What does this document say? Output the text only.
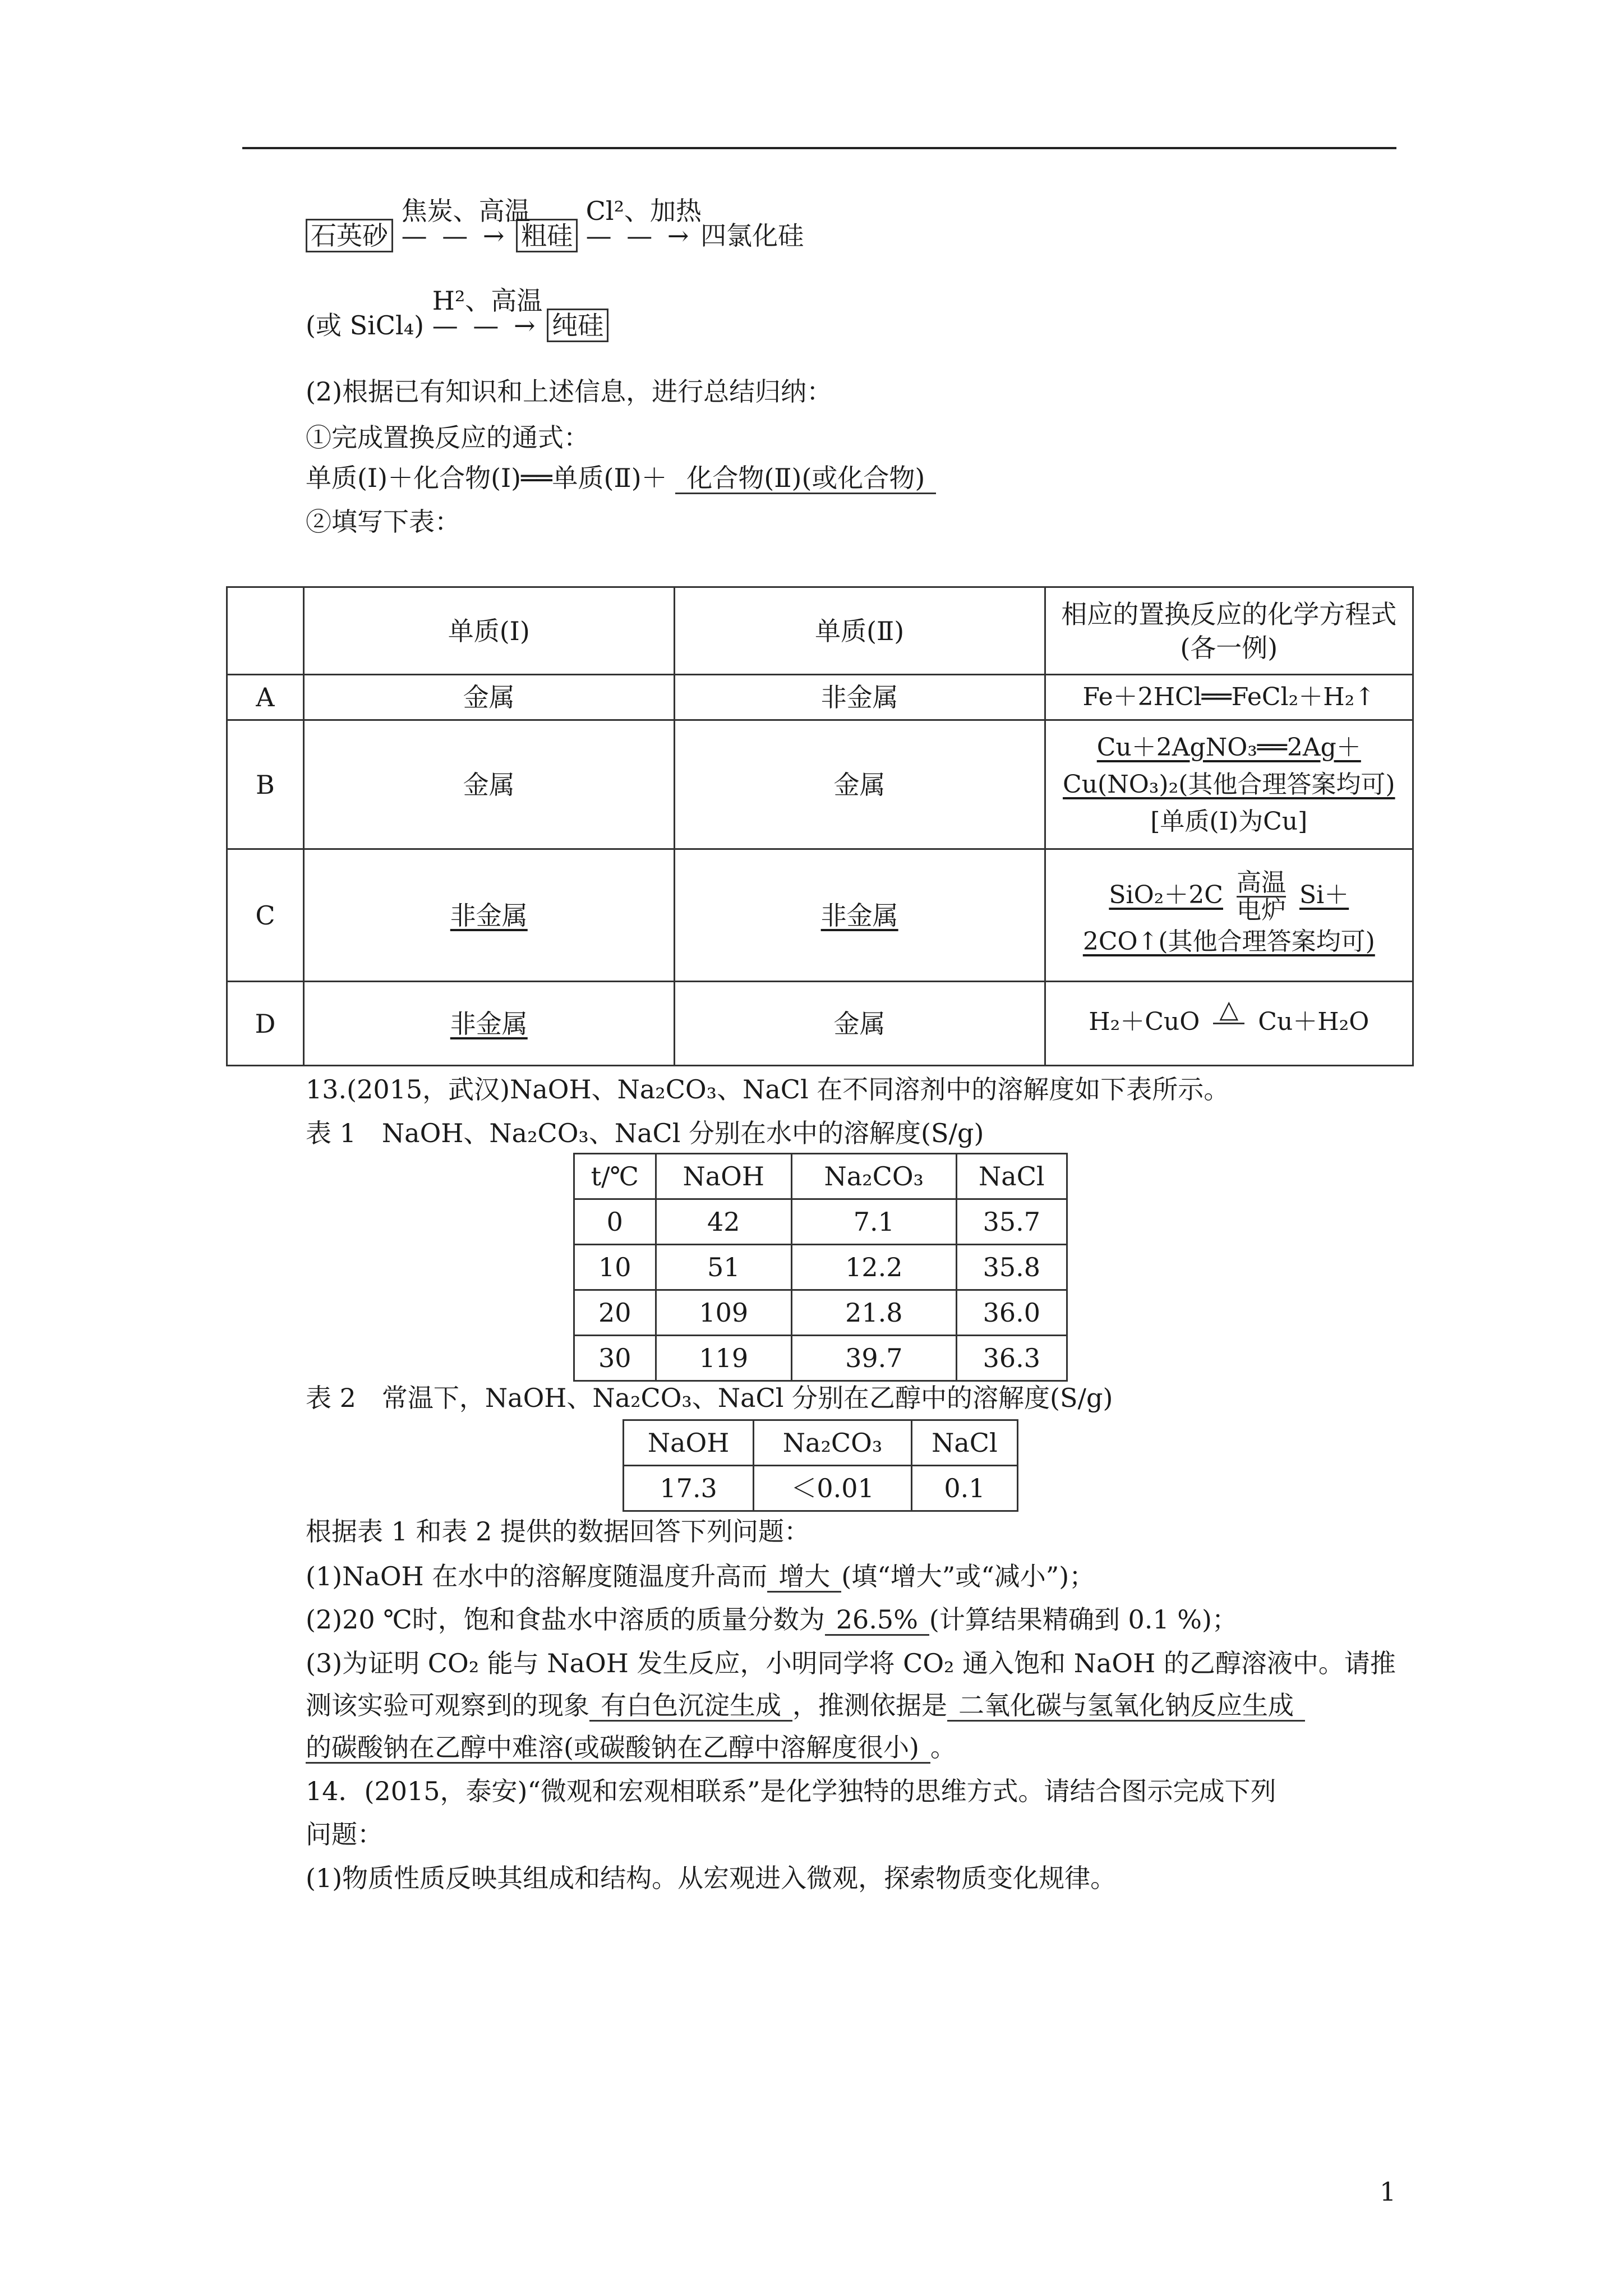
石英砂
焦炭、高温
— — → 粗硅
Cl²、加热
— — → 四氯化硅
(或 SiCl₄)
H²、高温
— — → 纯硅
(2)根据已有知识和上述信息，进行总结归纳：
①完成置换反应的通式：
单质(Ⅰ)＋化合物(Ⅰ)══单质(Ⅱ)＋ 化合物(Ⅱ)(或化合物)
②填写下表：
	单质(Ⅰ)	单质(Ⅱ)	相应的置换反应的化学方程式(各一例)
A	金属	非金属	Fe＋2HCl══FeCl₂＋H₂↑
B	金属	金属	Cu＋2AgNO₃══2Ag＋Cu(NO₃)₂(其他合理答案均可) [单质(Ⅰ)为Cu]
C	非金属	非金属	$SiO_2+2C \frac{\text{高温}}{\text{电炉}} Si+$
2CO↑(其他合理答案均可)
D	非金属	金属	H₂＋CuO △
Cu＋H₂O
13.(2015，武汉)NaOH、Na₂CO₃、NaCl 在不同溶剂中的溶解度如下表所示。
表 1　NaOH、Na₂CO₃、NaCl 分别在水中的溶解度(S/g)
t/℃	NaOH	Na₂CO₃	NaCl
0	42	7.1	35.7
10	51	12.2	35.8
20	109	21.8	36.0
30	119	39.7	36.3
表 2　常温下，NaOH、Na₂CO₃、NaCl 分别在乙醇中的溶解度(S/g)
NaOH	Na₂CO₃	NaCl
17.3	＜0.01	0.1
根据表 1 和表 2 提供的数据回答下列问题：
(1)NaOH 在水中的溶解度随温度升高而 增大 (填“增大”或“减小”)；
(2)20 ℃时，饱和食盐水中溶质的质量分数为 26.5% (计算结果精确到 0.1 %)；
(3)为证明 CO₂ 能与 NaOH 发生反应，小明同学将 CO₂ 通入饱和 NaOH 的乙醇溶液中。请推
测该实验可观察到的现象 有白色沉淀生成 ，推测依据是 二氧化碳与氢氧化钠反应生成
的碳酸钠在乙醇中难溶(或碳酸钠在乙醇中溶解度很小) 。
14．(2015，泰安)“微观和宏观相联系”是化学独特的思维方式。请结合图示完成下列
问题：
(1)物质性质反映其组成和结构。从宏观进入微观，探索物质变化规律。
1
